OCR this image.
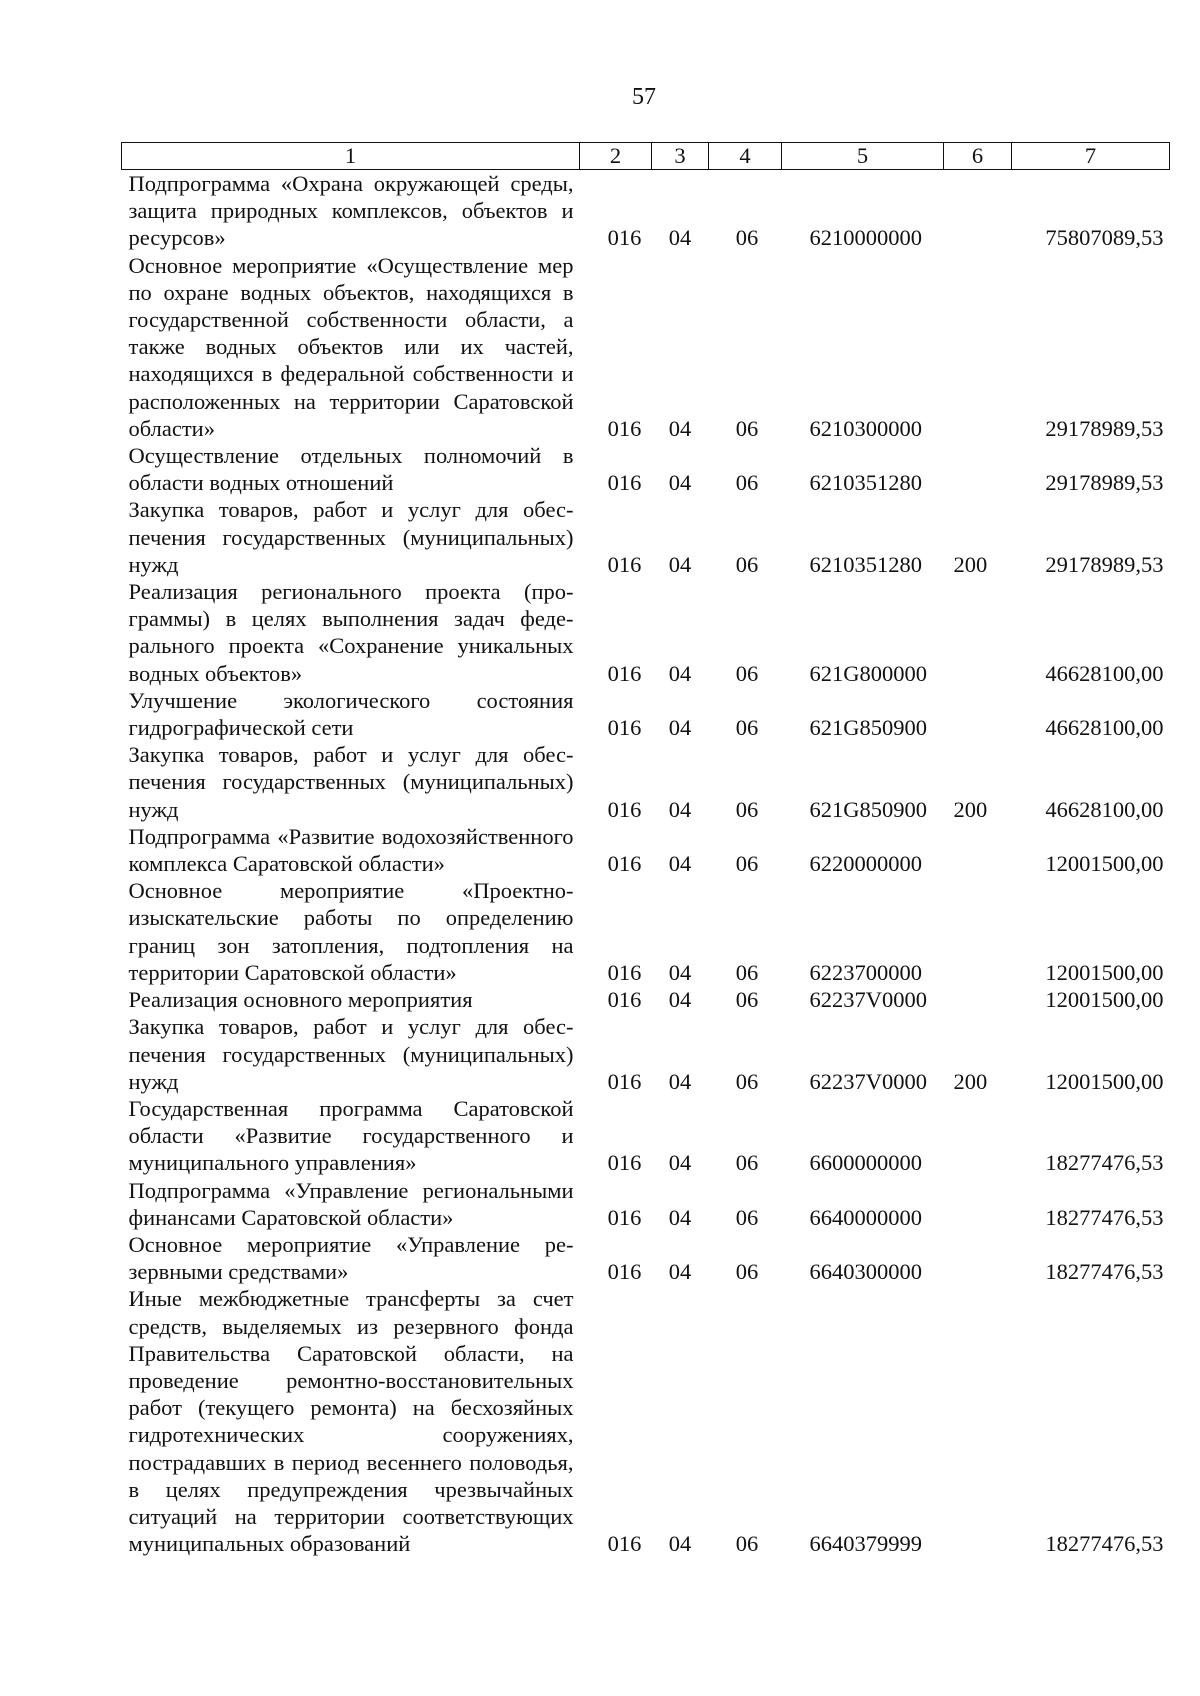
57
1	2	3	4	5	6	7
Подпрограмма «Охрана окружающей среды, защита природных комплексов, объектов и ресурсов»	016	04	06	6210000000		75807089,53
Основное мероприятие «Осуществление мер по охране водных объектов, находящихся в государственной собственности области, а также водных объектов или их частей, находящихся в федеральной собственности и расположенных на территории Саратовской области»	016	04	06	6210300000		29178989,53
Осуществление отдельных полномочий в области водных отношений	016	04	06	6210351280		29178989,53
Закупка товаров, работ и услуг для обеспечения государственных (муниципальных) нужд	016	04	06	6210351280	200	29178989,53
Реализация регионального проекта (программы) в целях выполнения задач федерального проекта «Сохранение уникальных водных объектов»	016	04	06	621G800000		46628100,00
Улучшение экологического состояния гидрографической сети	016	04	06	621G850900		46628100,00
Закупка товаров, работ и услуг для обеспечения государственных (муниципальных) нужд	016	04	06	621G850900	200	46628100,00
Подпрограмма «Развитие водохозяйственного комплекса Саратовской области»	016	04	06	6220000000		12001500,00
Основное мероприятие «Проектно-изыскательские работы по определению границ зон затопления, подтопления на территории Саратовской области»	016	04	06	6223700000		12001500,00
Реализация основного мероприятия	016	04	06	62237V0000		12001500,00
Закупка товаров, работ и услуг для обеспечения государственных (муниципальных) нужд	016	04	06	62237V0000	200	12001500,00
Государственная программа Саратовской области «Развитие государственного и муниципального управления»	016	04	06	6600000000		18277476,53
Подпрограмма «Управление региональными финансами Саратовской области»	016	04	06	6640000000		18277476,53
Основное мероприятие «Управление резервными средствами»	016	04	06	6640300000		18277476,53
Иные межбюджетные трансферты за счет средств, выделяемых из резервного фонда Правительства Саратовской области, на проведение ремонтно-восстановительных работ (текущего ремонта) на бесхозяйных гидротехнических сооружениях, пострадавших в период весеннего половодья, в целях предупреждения чрезвычайных ситуаций на территории соответствующих муниципальных образований	016	04	06	6640379999		18277476,53
